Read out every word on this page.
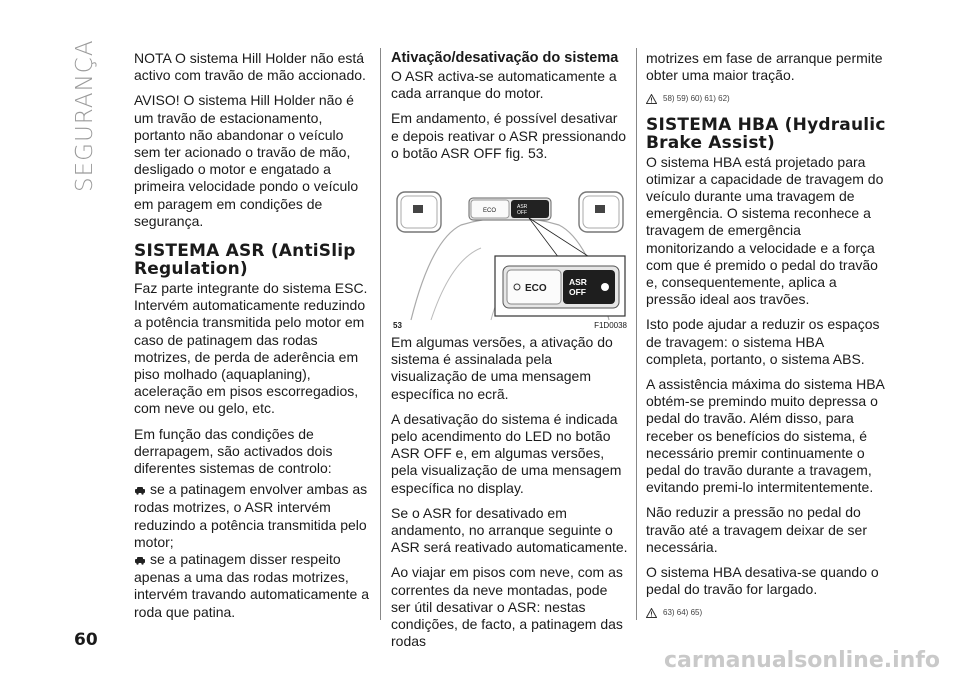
SEGURANÇA	NOTA O sistema Hill Holder não está activo com travão de mão accionado.

AVISO! O sistema Hill Holder não é um travão de estacionamento, portanto não abandonar o veículo sem ter acionado o travão de mão, desligado o motor e engatado a primeira velocidade pondo o veículo em paragem em condições de segurança.

SISTEMA ASR (AntiSlip Regulation)

Faz parte integrante do sistema ESC. Intervém automaticamente reduzindo a potência transmitida pelo motor em caso de patinagem das rodas motrizes, de perda de aderência em piso molhado (aquaplaning), aceleração em pisos escorregadios, com neve ou gelo, etc.

Em função das condições de derrapagem, são activados dois diferentes sistemas de controlo:

se a patinagem envolver ambas as rodas motrizes, o ASR intervém reduzindo a potência transmitida pelo motor;

se a patinagem disser respeito apenas a uma das rodas motrizes, intervém travando automaticamente a roda que patina.

Ativação/desativação do sistema

O ASR activa-se automaticamente a cada arranque do motor.

Em andamento, é possível desativar e depois reativar o ASR pressionando o botão ASR OFF fig. 53.

ECO
ASR
OFF
ECO
ASR
OFF
53	F1D0038

Em algumas versões, a ativação do sistema é assinalada pela visualização de uma mensagem específica no ecrã.

A desativação do sistema é indicada pelo acendimento do LED no botão ASR OFF e, em algumas versões, pela visualização de uma mensagem específica no display.

Se o ASR for desativado em andamento, no arranque seguinte o ASR será reativado automaticamente.

Ao viajar em pisos com neve, com as correntes da neve montadas, pode ser útil desativar o ASR: nestas condições, de facto, a patinagem das rodas

motrizes em fase de arranque permite obter uma maior tração.

58) 59) 60) 61) 62)
SISTEMA HBA (Hydraulic Brake Assist)

O sistema HBA está projetado para otimizar a capacidade de travagem do veículo durante uma travagem de emergência. O sistema reconhece a travagem de emergência monitorizando a velocidade e a força com que é premido o pedal do travão e, consequentemente, aplica a pressão ideal aos travões.

Isto pode ajudar a reduzir os espaços de travagem: o sistema HBA completa, portanto, o sistema ABS.

A assistência máxima do sistema HBA obtém-se premindo muito depressa o pedal do travão. Além disso, para receber os benefícios do sistema, é necessário premir continuamente o pedal do travão durante a travagem, evitando premi-lo intermitentemente.

Não reduzir a pressão no pedal do travão até a travagem deixar de ser necessária.

O sistema HBA desativa-se quando o pedal do travão for largado.

63) 64) 65)
60
carmanualsonline.info
